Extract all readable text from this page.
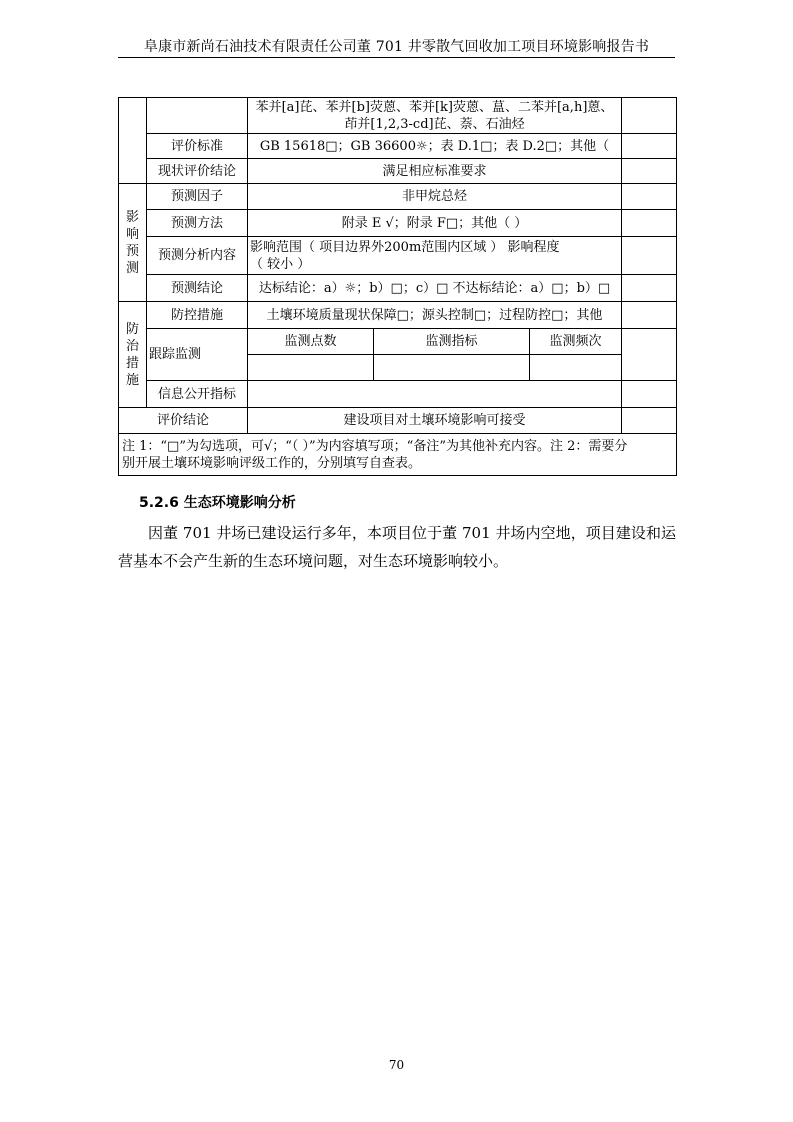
阜康市新尚石油技术有限责任公司董 701 井零散气回收加工项目环境影响报告书

		苯并[a]芘、苯并[b]荧蒽、苯并[k]荧蒽、蒀、二苯并[a,h]蒽、
茚并[1,2,3-cd]芘、萘、石油烃			

	评价标准	GB 15618□；GB 36600☼；表 D.1□；表 D.2□；其他（			
	现状评价结论	满足相应标准要求			
影响预测	预测因子	非甲烷总烃			
	预测方法	附录 E √；附录 F□；其他（ ）			
	预测分析内容	影响范围（ 项目边界外200m范围内区域 ） 影响程度
（ 较小 ）			

	预测结论	达标结论：a）☼；b）□；c）□ 不达标结论：a）□；b）□			
防治措施	防控措施	土壤环境质量现状保障□；源头控制□；过程防控□；其他			
	跟踪监测	监测点数	监测指标	监测频次	

	信息公开指标				
评价结论		建设项目对土壤环境影响可接受			

注 1：“□”为勾选项，可√；“（ ）”为内容填写项；“备注”为其他补充内容。注 2：需要分
别开展土壤环境影响评级工作的，分别填写自查表。					
5.2.6 生态环境影响分析
因董 701 井场已建设运行多年，本项目位于董 701 井场内空地，项目建设和运营基本不会产生新的生态环境问题，对生态环境影响较小。
70
